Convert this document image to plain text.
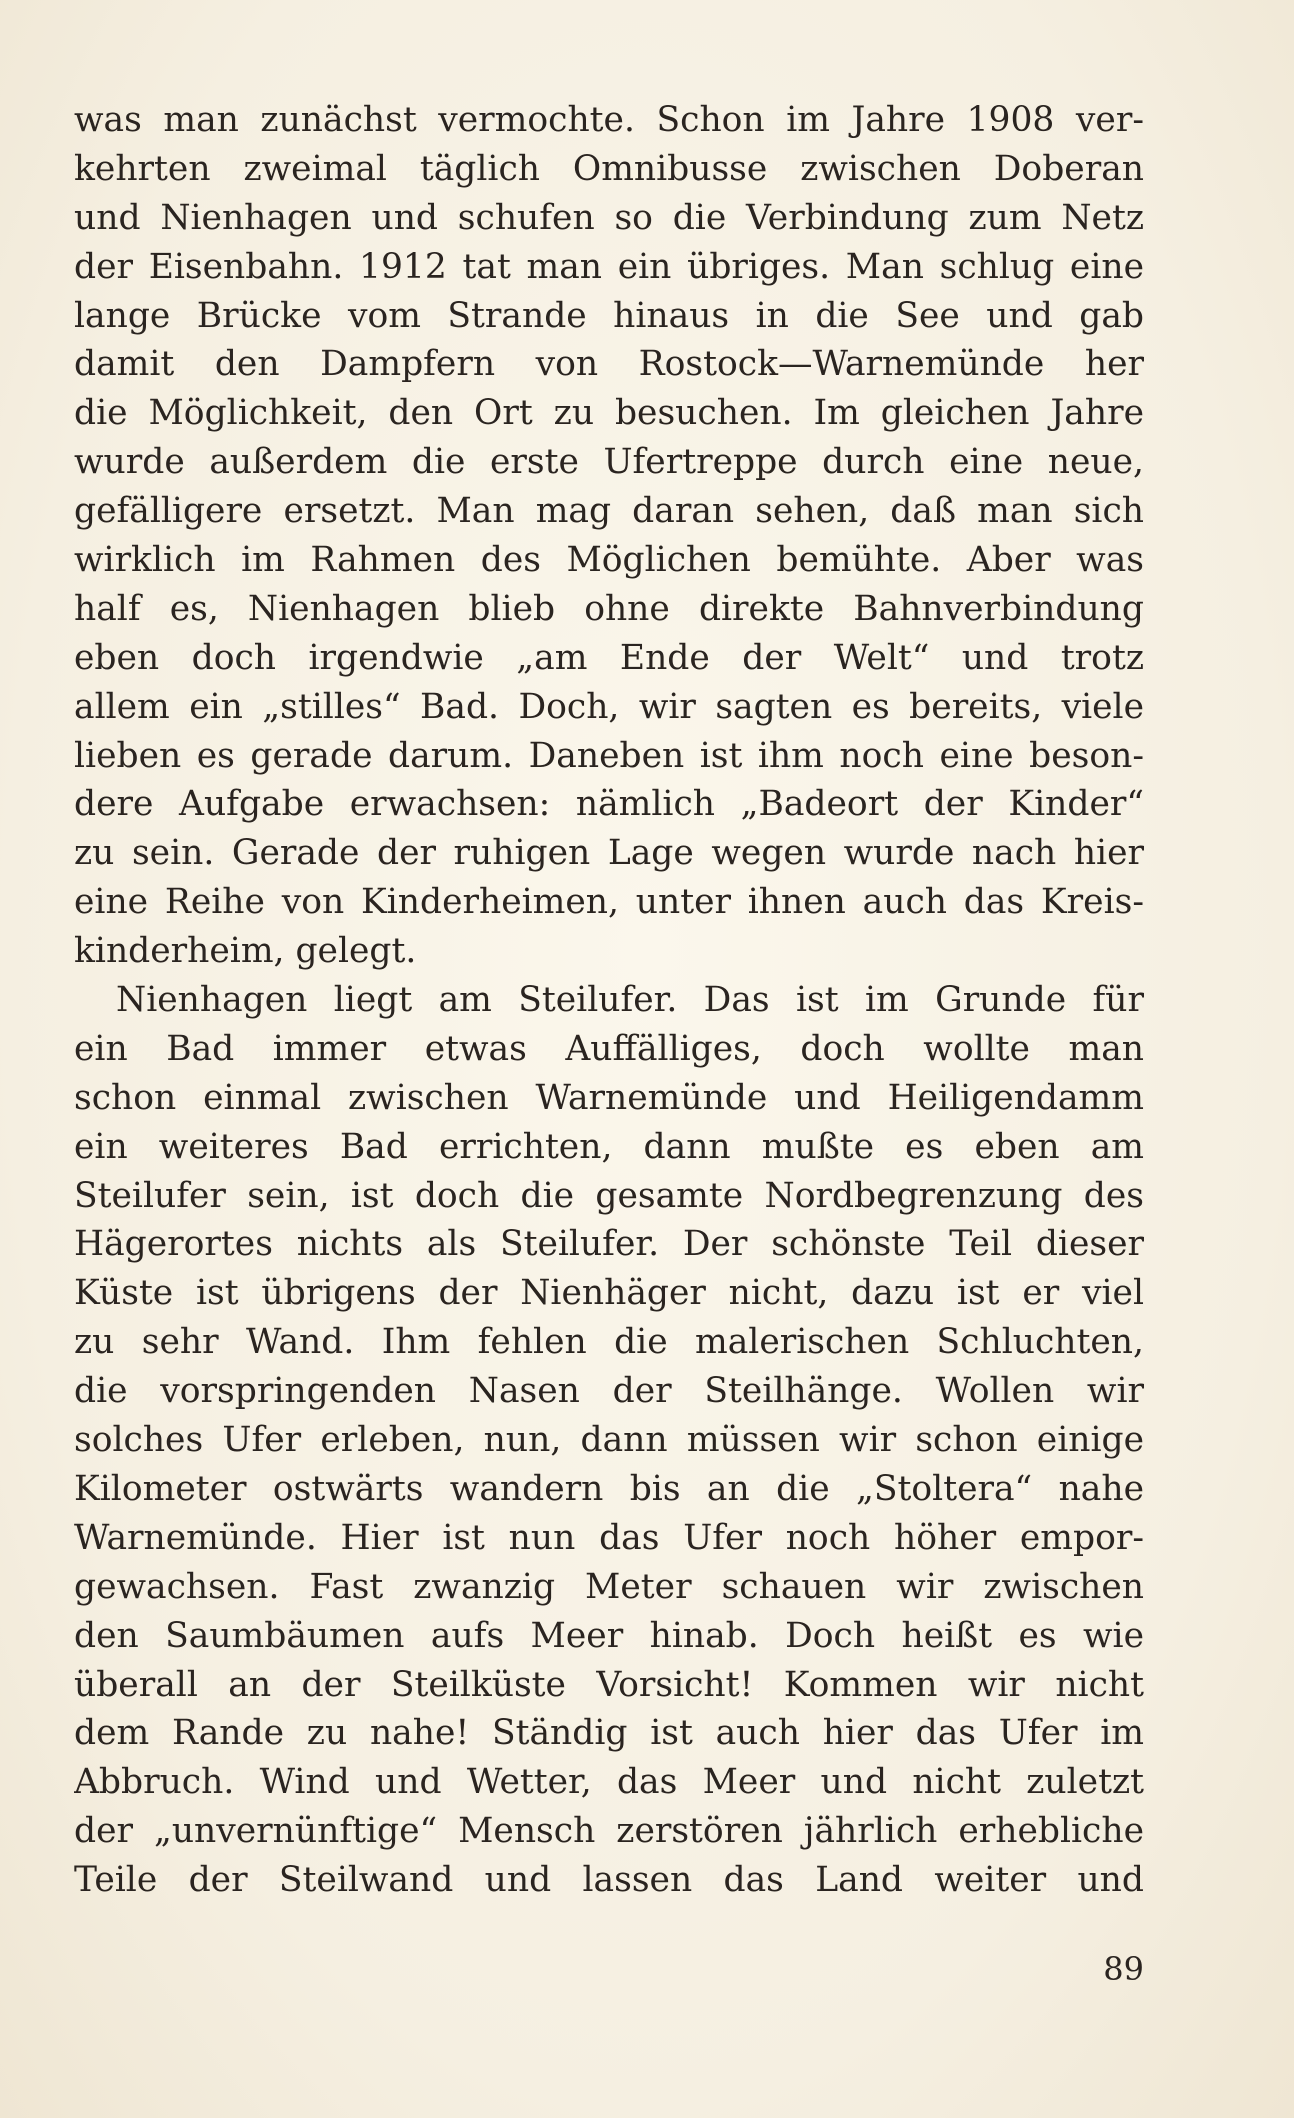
was man zunächst vermochte. Schon im Jahre 1908 ver-
kehrten zweimal täglich Omnibusse zwischen Doberan
und Nienhagen und schufen so die Verbindung zum Netz
der Eisenbahn. 1912 tat man ein übriges. Man schlug eine
lange Brücke vom Strande hinaus in die See und gab
damit den Dampfern von Rostock—Warnemünde her
die Möglichkeit, den Ort zu besuchen. Im gleichen Jahre
wurde außerdem die erste Ufertreppe durch eine neue,
gefälligere ersetzt. Man mag daran sehen, daß man sich
wirklich im Rahmen des Möglichen bemühte. Aber was
half es, Nienhagen blieb ohne direkte Bahnverbindung
eben doch irgendwie „am Ende der Welt“ und trotz
allem ein „stilles“ Bad. Doch, wir sagten es bereits, viele
lieben es gerade darum. Daneben ist ihm noch eine beson-
dere Aufgabe erwachsen: nämlich „Badeort der Kinder“
zu sein. Gerade der ruhigen Lage wegen wurde nach hier
eine Reihe von Kinderheimen, unter ihnen auch das Kreis-
kinderheim, gelegt.
Nienhagen liegt am Steilufer. Das ist im Grunde für
ein Bad immer etwas Auffälliges, doch wollte man
schon einmal zwischen Warnemünde und Heiligendamm
ein weiteres Bad errichten, dann mußte es eben am
Steilufer sein, ist doch die gesamte Nordbegrenzung des
Hägerortes nichts als Steilufer. Der schönste Teil dieser
Küste ist übrigens der Nienhäger nicht, dazu ist er viel
zu sehr Wand. Ihm fehlen die malerischen Schluchten,
die vorspringenden Nasen der Steilhänge. Wollen wir
solches Ufer erleben, nun, dann müssen wir schon einige
Kilometer ostwärts wandern bis an die „Stoltera“ nahe
Warnemünde. Hier ist nun das Ufer noch höher empor-
gewachsen. Fast zwanzig Meter schauen wir zwischen
den Saumbäumen aufs Meer hinab. Doch heißt es wie
überall an der Steilküste Vorsicht! Kommen wir nicht
dem Rande zu nahe! Ständig ist auch hier das Ufer im
Abbruch. Wind und Wetter, das Meer und nicht zuletzt
der „unvernünftige“ Mensch zerstören jährlich erhebliche
Teile der Steilwand und lassen das Land weiter und
89
